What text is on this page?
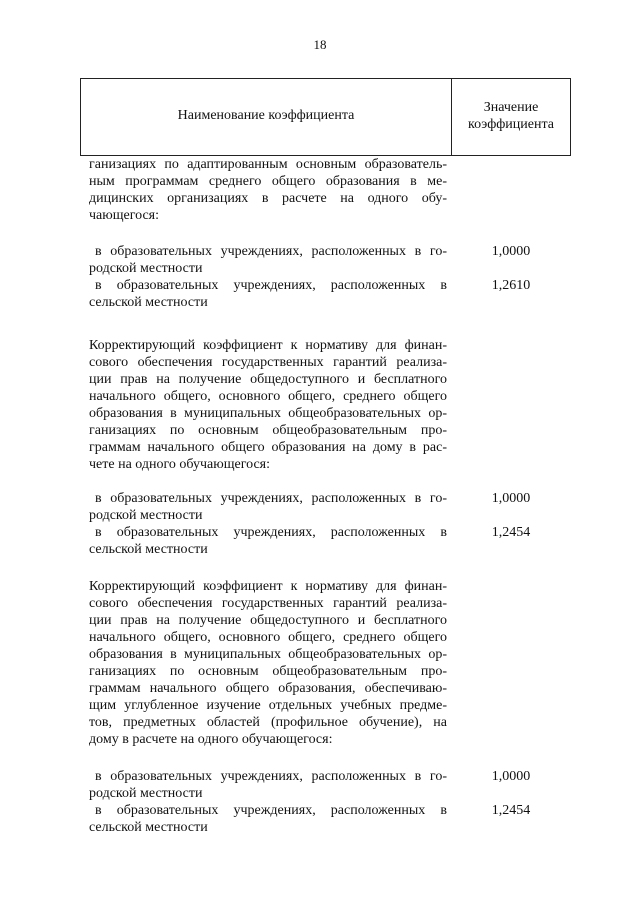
18
Наименование коэффициента
Значение
коэффициента
ганизациях по адаптированным основным образователь-
ным программам среднего общего образования в ме-
дицинских организациях в расчете на одного обу-
чающегося:
в образовательных учреждениях, расположенных в го-
родской местности
1,0000
в образовательных учреждениях, расположенных в
сельской местности
1,2610
Корректирующий коэффициент к нормативу для финан-
сового обеспечения государственных гарантий реализа-
ции прав на получение общедоступного и бесплатного
начального общего, основного общего, среднего общего
образования в муниципальных общеобразовательных ор-
ганизациях по основным общеобразовательным про-
граммам начального общего образования на дому в рас-
чете на одного обучающегося:
в образовательных учреждениях, расположенных в го-
родской местности
1,0000
в образовательных учреждениях, расположенных в
сельской местности
1,2454
Корректирующий коэффициент к нормативу для финан-
сового обеспечения государственных гарантий реализа-
ции прав на получение общедоступного и бесплатного
начального общего, основного общего, среднего общего
образования в муниципальных общеобразовательных ор-
ганизациях по основным общеобразовательным про-
граммам начального общего образования, обеспечиваю-
щим углубленное изучение отдельных учебных предме-
тов, предметных областей (профильное обучение), на
дому в расчете на одного обучающегося:
в образовательных учреждениях, расположенных в го-
родской местности
1,0000
в образовательных учреждениях, расположенных в
сельской местности
1,2454
